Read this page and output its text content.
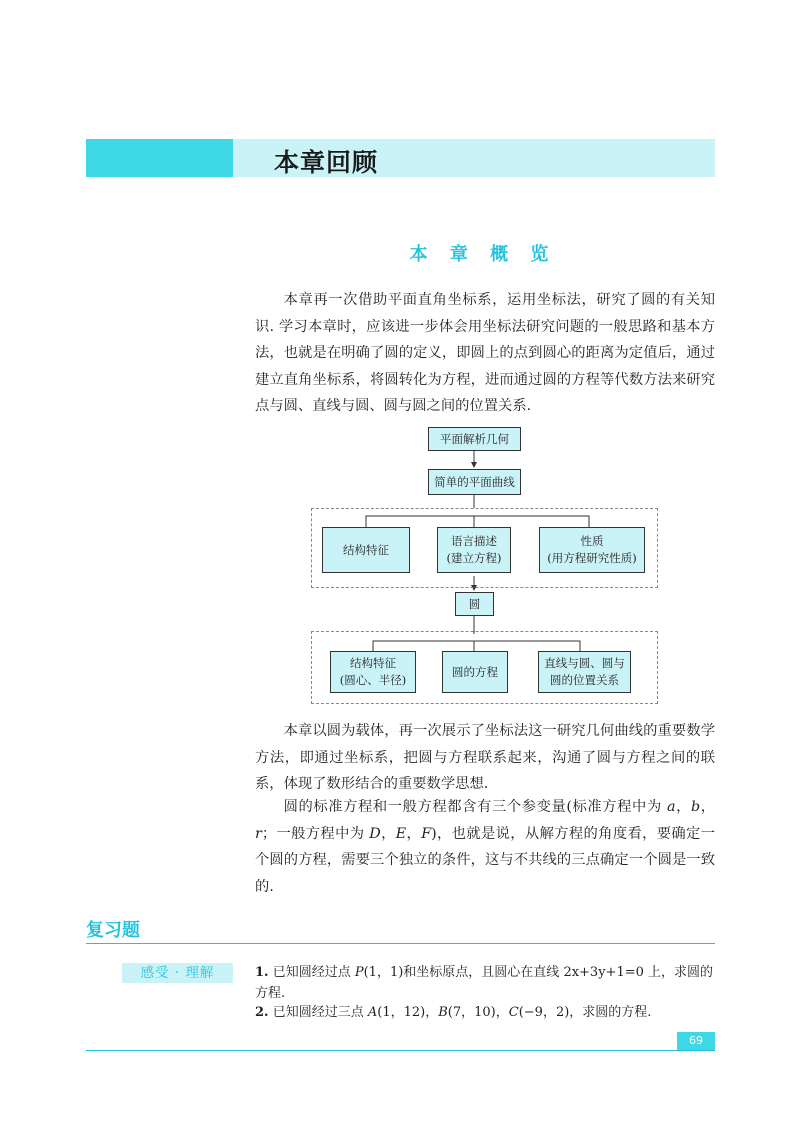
本章回顾
本 章 概 览

本章再一次借助平面直角坐标系，运用坐标法，研究了圆的有关知识. 学习本章时，应该进一步体会用坐标法研究问题的一般思路和基本方法，也就是在明确了圆的定义，即圆上的点到圆心的距离为定值后，通过建立直角坐标系，将圆转化为方程，进而通过圆的方程等代数方法来研究点与圆、直线与圆、圆与圆之间的位置关系.

平面解析几何
简单的平面曲线
结构特征
语言描述
(建立方程)
性质
(用方程研究性质)
圆
结构特征
(圆心、半径)
圆的方程
直线与圆、圆与
圆的位置关系

本章以圆为载体，再一次展示了坐标法这一研究几何曲线的重要数学方法，即通过坐标系，把圆与方程联系起来，沟通了圆与方程之间的联系，体现了数形结合的重要数学思想.

圆的标准方程和一般方程都含有三个参变量(标准方程中为 a，b，r；一般方程中为 D，E，F)，也就是说，从解方程的角度看，要确定一个圆的方程，需要三个独立的条件，这与不共线的三点确定一个圆是一致的.

复习题
感受 · 理解	1. 已知圆经过点 P(1，1)和坐标原点，且圆心在直线 2x+3y+1=0 上，求圆的方程.
2. 已知圆经过三点 A(1，12)，B(7，10)，C(−9，2)，求圆的方程.
69
